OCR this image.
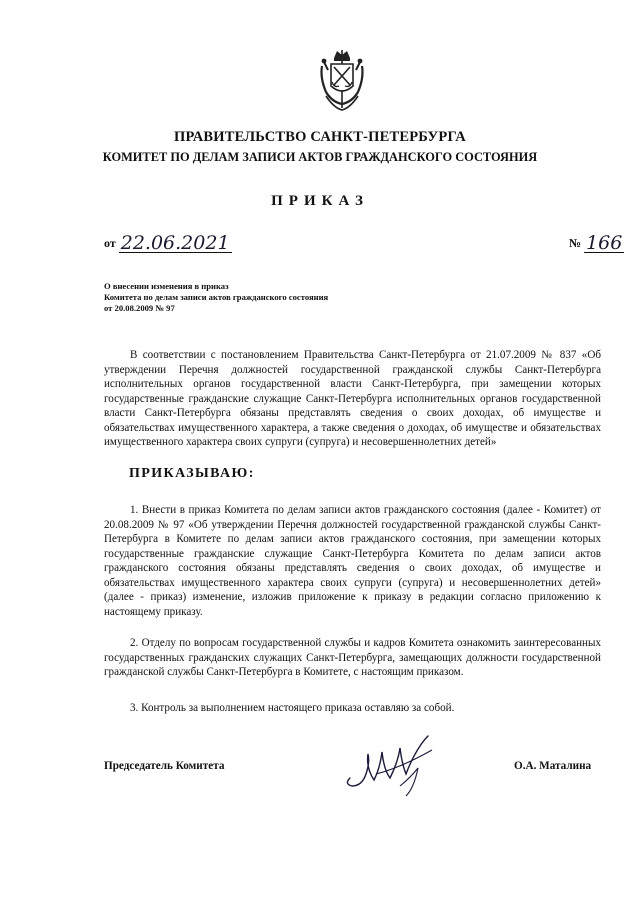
ПРАВИТЕЛЬСТВО САНКТ-ПЕТЕРБУРГА
КОМИТЕТ ПО ДЕЛАМ ЗАПИСИ АКТОВ ГРАЖДАНСКОГО СОСТОЯНИЯ
ПРИКАЗ
от 22.06.2021	№ 166
О внесении изменения в приказ
Комитета по делам записи актов гражданского состояния
от 20.08.2009 № 97
В соответствии с постановлением Правительства Санкт-Петербурга от 21.07.2009 № 837 «Об утверждении Перечня должностей государственной гражданской службы Санкт-Петербурга исполнительных органов государственной власти Санкт-Петербурга, при замещении которых государственные гражданские служащие Санкт-Петербурга исполнительных органов государственной власти Санкт-Петербурга обязаны представлять сведения о своих доходах, об имуществе и обязательствах имущественного характера, а также сведения о доходах, об имуществе и обязательствах имущественного характера своих супруги (супруга) и несовершеннолетних детей»
ПРИКАЗЫВАЮ:
1. Внести в приказ Комитета по делам записи актов гражданского состояния (далее - Комитет) от 20.08.2009 № 97 «Об утверждении Перечня должностей государственной гражданской службы Санкт-Петербурга в Комитете по делам записи актов гражданского состояния, при замещении которых государственные гражданские служащие Санкт-Петербурга Комитета по делам записи актов гражданского состояния обязаны представлять сведения о своих доходах, об имуществе и обязательствах имущественного характера своих супруги (супруга) и несовершеннолетних детей» (далее - приказ) изменение, изложив приложение к приказу в редакции согласно приложению к настоящему приказу.
2. Отделу по вопросам государственной службы и кадров Комитета ознакомить заинтересованных государственных гражданских служащих Санкт-Петербурга, замещающих должности государственной гражданской службы Санкт-Петербурга в Комитете, с настоящим приказом.
3. Контроль за выполнением настоящего приказа оставляю за собой.
Председатель Комитета	О.А. Маталина
